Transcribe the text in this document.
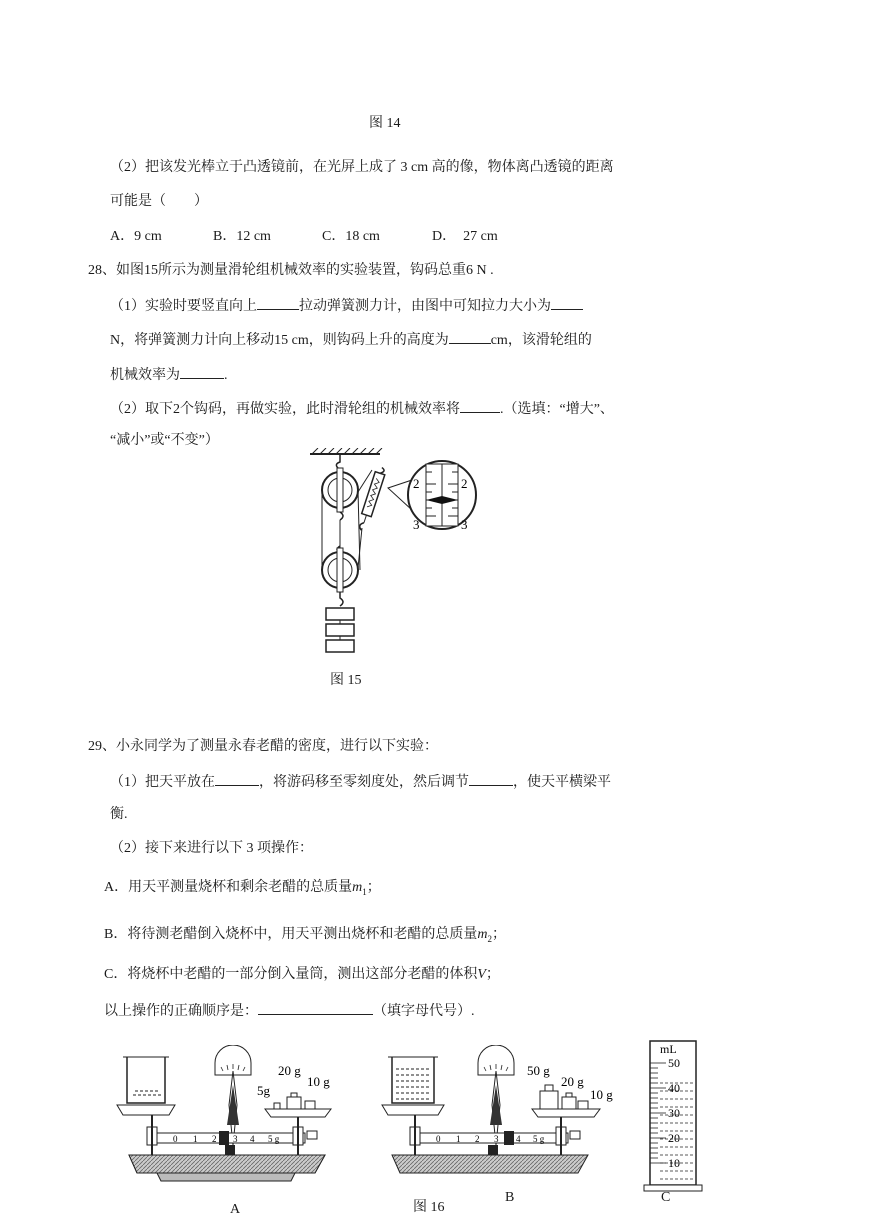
图 14
（2）把该发光棒立于凸透镜前，在光屏上成了 3 cm 高的像，物体离凸透镜的距离
可能是（　　）
A．9 cm	B．12 cm	C．18 cm	D．　27 cm
28、如图15所示为测量滑轮组机械效率的实验装置，钩码总重6 N .
（1）实验时要竖直向上	拉动弹簧测力计，由图中可知拉力大小为
N，将弹簧测力计向上移动15 cm，则钩码上升的高度为	cm，该滑轮组的
机械效率为	.
（2）取下2个钩码，再做实验，此时滑轮组的机械效率将	.（选填：“增大”、
“减小”或“不变”）
2	2
3	3
图 15
29、小永同学为了测量永春老醋的密度，进行以下实验：
（1）把天平放在	，将游码移至零刻度处，然后调节	，使天平横梁平
衡.
（2）接下来进行以下 3 项操作：
A．用天平测量烧杯和剩余老醋的总质量$m_1$；
B．将待测老醋倒入烧杯中，用天平测出烧杯和老醋的总质量$m_2$；
C．将烧杯中老醋的一部分倒入量筒，测出这部分老醋的体积V；
以上操作的正确顺序是：	（填字母代号）.
20 g
5g
10 g
0 1 2 3 4 5 g
A
50 g
20 g
10 g
0 1 2 3 4 5 g
图 16
B
mL
50
40
30
20
10
C
